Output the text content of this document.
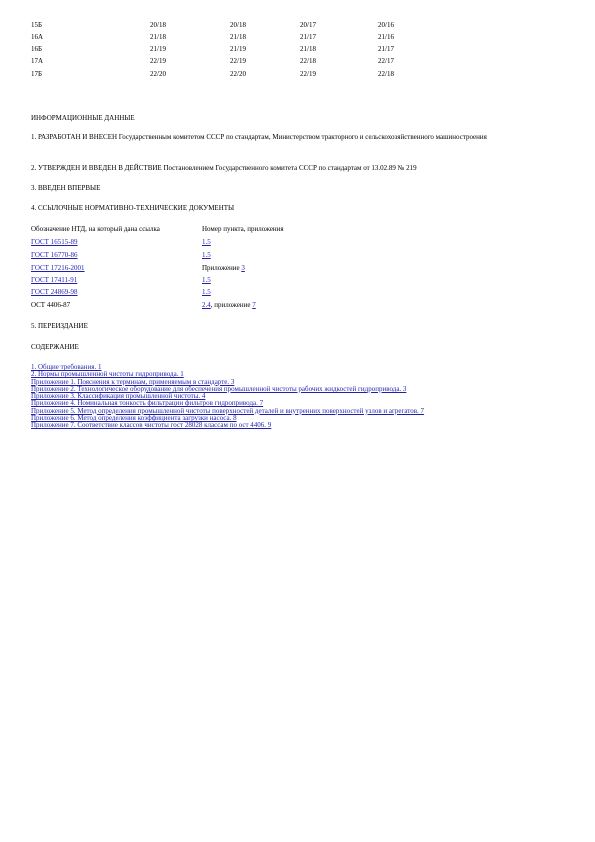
15Б	20/18	20/18	20/17	20/16
16А	21/18	21/18	21/17	21/16
16Б	21/19	21/19	21/18	21/17
17А	22/19	22/19	22/18	22/17
17Б	22/20	22/20	22/19	22/18
ИНФОРМАЦИОННЫЕ ДАННЫЕ
1. РАЗРАБОТАН И ВНЕСЕН Государственным комитетом СССР по стандартам, Министерством тракторного и сельскохозяйственного машиностроения
2. УТВЕРЖДЕН И ВВЕДЕН В ДЕЙСТВИЕ Постановлением Государственного комитета СССР по стандартам от 13.02.89 № 219
3. ВВЕДЕН ВПЕРВЫЕ
4. ССЫЛОЧНЫЕ НОРМАТИВНО-ТЕХНИЧЕСКИЕ ДОКУМЕНТЫ
Обозначение НТД, на который дана ссылка	Номер пункта, приложения
ГОСТ 16515-89	1.5
ГОСТ 16770-86	1.5
ГОСТ 17216-2001	Приложение 3
ГОСТ 17411-91	1.5
ГОСТ 24869-98	1.5
ОСТ 4406-87	2.4, приложение 7
5. ПЕРЕИЗДАНИЕ
СОДЕРЖАНИЕ
1. Общие требования. 1
2. Нормы промышленной чистоты гидропривода. 1
Приложение 1. Пояснения к терминам, применяемым в стандарте. 3
Приложение 2. Технологическое оборудование для обеспечения промышленной чистоты рабочих жидкостей гидропривода. 3
Приложение 3. Классификация промышленной чистоты. 4
Приложение 4. Номинальная тонкость фильтрации фильтров гидропривода. 7
Приложение 5. Метод определения промышленной чистоты поверхностей деталей и внутренних поверхностей узлов и агрегатов. 7
Приложение 6. Метод определения коэффициента загрузки насоса. 8
Приложение 7. Соответствие классов чистоты гост 28028 классам по ост 4406. 9
